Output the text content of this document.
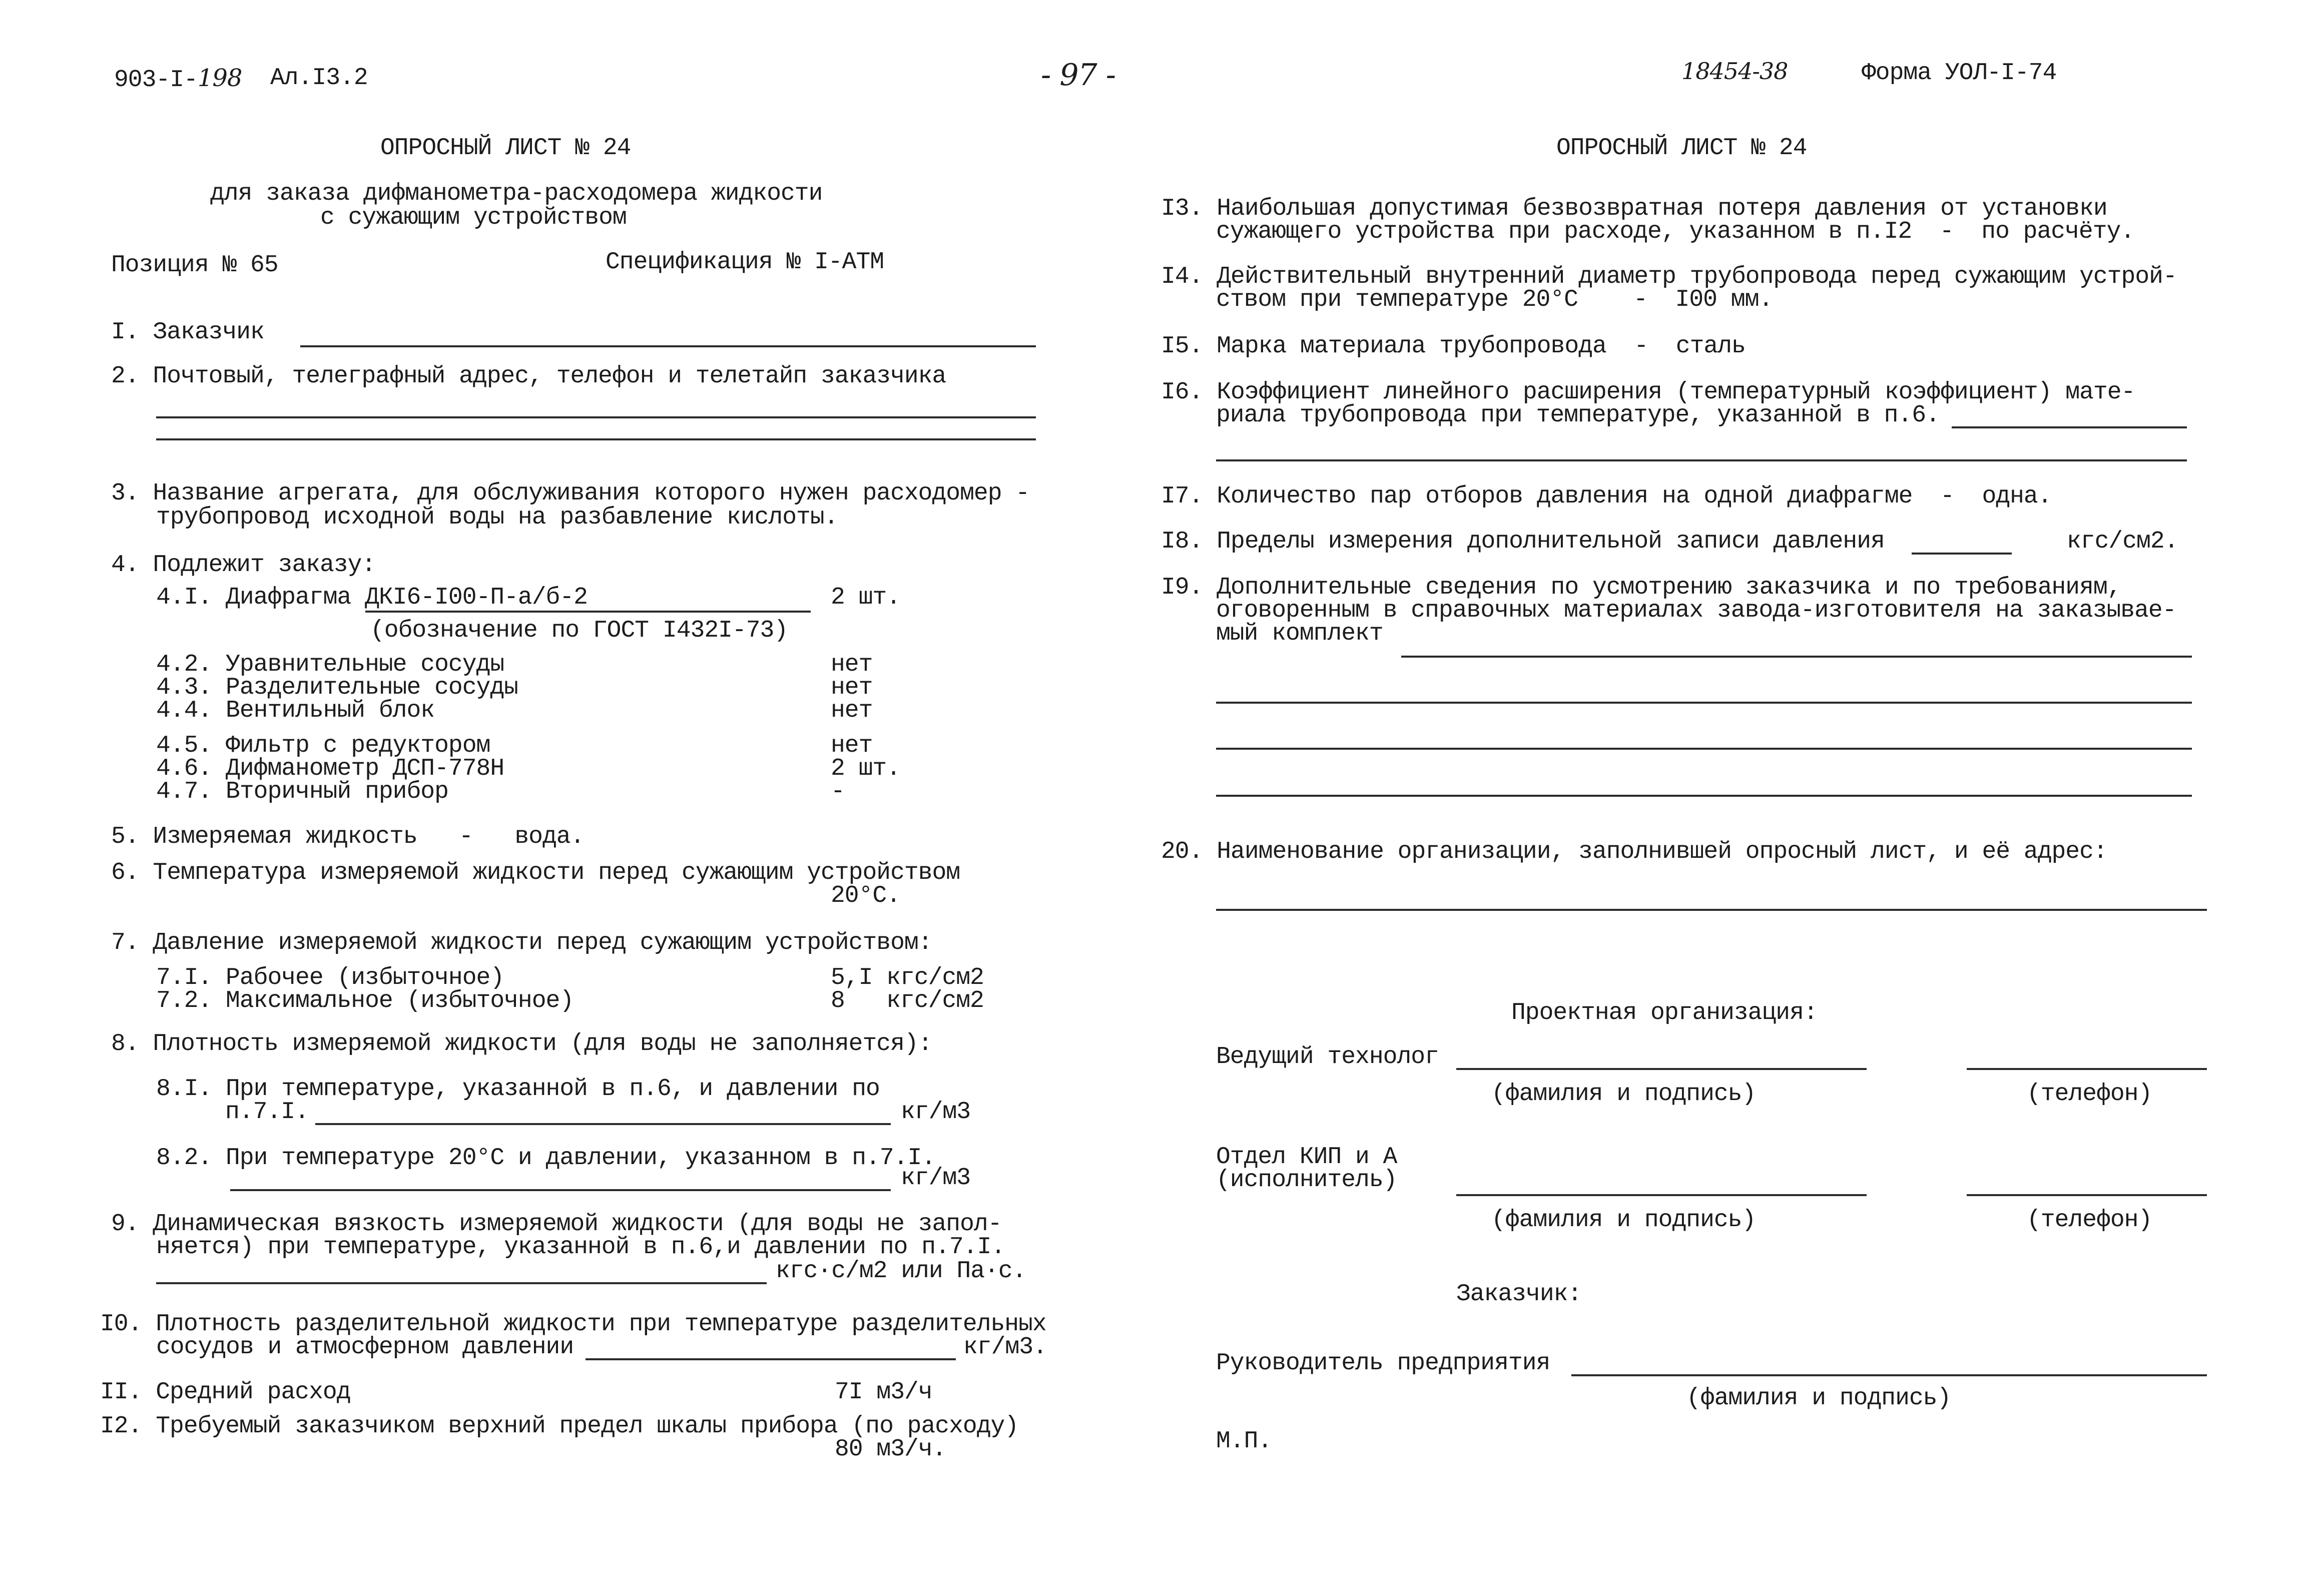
903-I-198 Ал.I3.2	- 97 -	18454-38	Форма УОЛ-I-74
ОПРОСНЫЙ ЛИСТ № 24
для заказа дифманометра-расходомера жидкости
с сужающим устройством
Позиция № 65	Спецификация № I-АТМ
I. Заказчик
2. Почтовый, телеграфный адрес, телефон и телетайп заказчика
3. Название агрегата, для обслуживания которого нужен расходомер -
трубопровод исходной воды на разбавление кислоты.
4. Подлежит заказу:
4.I. Диафрагма ДКI6-I00-П-а/б-2	2 шт.
(обозначение по ГОСТ I432I-73)
4.2. Уравнительные сосуды	нет
4.3. Разделительные сосуды	нет
4.4. Вентильный блок	нет
4.5. Фильтр с редуктором	нет
4.6. Дифманометр ДСП-778Н	2 шт.
4.7. Вторичный прибор	-
5. Измеряемая жидкость   -   вода.
6. Температура измеряемой жидкости перед сужающим устройством
20°С.
7. Давление измеряемой жидкости перед сужающим устройством:
7.I. Рабочее (избыточное)	5,I кгс/см2
7.2. Максимальное (избыточное)	8   кгс/см2
8. Плотность измеряемой жидкости (для воды не заполняется):
8.I. При температуре, указанной в п.6, и давлении по
п.7.I.	кг/м3
8.2. При температуре 20°С и давлении, указанном в п.7.I.
кг/м3
9. Динамическая вязкость измеряемой жидкости (для воды не запол-
няется) при температуре, указанной в п.6,и давлении по п.7.I.
кгс·с/м2 или Па·с.
I0. Плотность разделительной жидкости при температуре разделительных
сосудов и атмосферном давлении	кг/м3.
II. Средний расход	7I м3/ч
I2. Требуемый заказчиком верхний предел шкалы прибора (по расходу)
80 м3/ч.
ОПРОСНЫЙ ЛИСТ № 24
I3. Наибольшая допустимая безвозвратная потеря давления от установки
сужающего устройства при расходе, указанном в п.I2  -  по расчёту.
I4. Действительный внутренний диаметр трубопровода перед сужающим устрой-
ством при температуре 20°С    -  I00 мм.
I5. Марка материала трубопровода  -  сталь
I6. Коэффициент линейного расширения (температурный коэффициент) мате-
риала трубопровода при температуре, указанной в п.6.
I7. Количество пар отборов давления на одной диафрагме  -  одна.
I8. Пределы измерения дополнительной записи давления	кгс/см2.
I9. Дополнительные сведения по усмотрению заказчика и по требованиям,
оговоренным в справочных материалах завода-изготовителя на заказывае-
мый комплект
20. Наименование организации, заполнившей опросный лист, и её адрес:
Проектная организация:
Ведущий технолог
(фамилия и подпись)	(телефон)
Отдел КИП и А
(исполнитель)
(фамилия и подпись)	(телефон)
Заказчик:
Руководитель предприятия
(фамилия и подпись)
М.П.
